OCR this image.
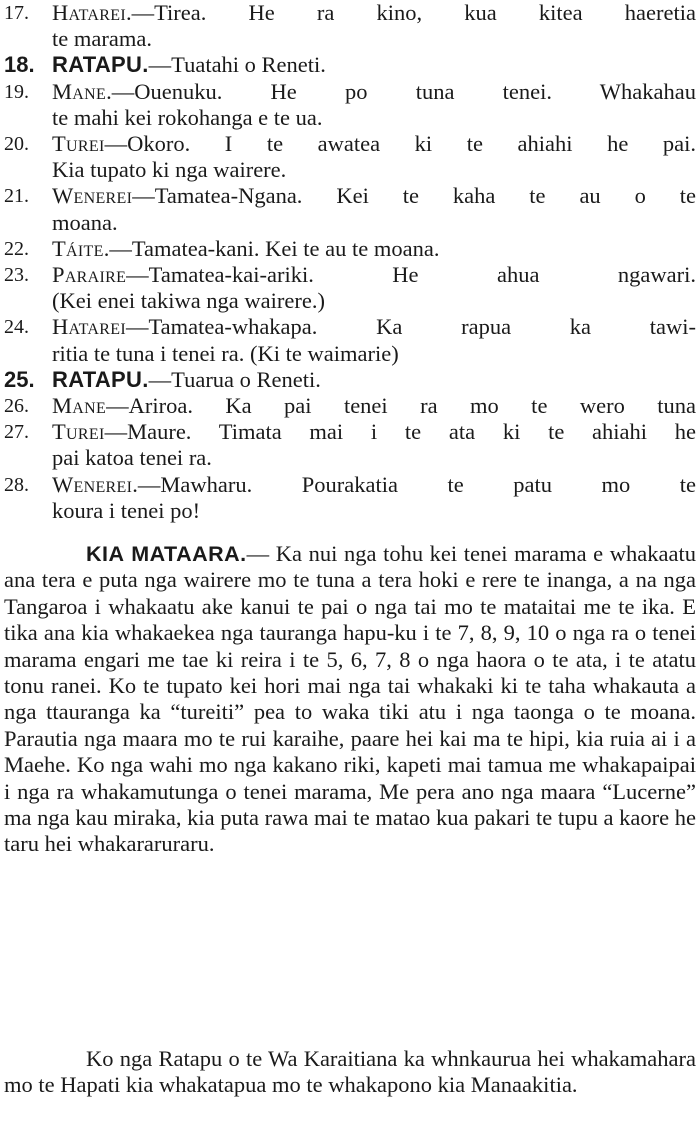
17. Hatarei.—Tirea. He ra kino, kua kitea haeretia
te marama.
18. RATAPU.—Tuatahi o Reneti.
19. Mane.—Ouenuku. He po tuna tenei. Whakahau
te mahi kei rokohanga e te ua.
20. Turei—Okoro. I te awatea ki te ahiahi he pai.
Kia tupato ki nga wairere.
21. Wenerei—Tamatea-Ngana. Kei te kaha te au o te
moana.
22. Táite.—Tamatea-kani. Kei te au te moana.
23. Paraire—Tamatea-kai-ariki. He ahua ngawari.
(Kei enei takiwa nga wairere.)
24. Hatarei—Tamatea-whakapa. Ka rapua ka tawi-
ritia te tuna i tenei ra. (Ki te waimarie)
25. RATAPU.—Tuarua o Reneti.
26. Mane—Ariroa. Ka pai tenei ra mo te wero tuna
27. Turei—Maure. Timata mai i te ata ki te ahiahi he
pai katoa tenei ra.
28. Wenerei.—Mawharu. Pourakatia te patu mo te
koura i tenei po!

KIA MATAARA.— Ka nui nga tohu kei tenei marama e whakaatu ana tera e puta nga wairere mo te tuna a tera hoki e rere te inanga, a na nga Tangaroa i whakaatu ake kanui te pai o nga tai mo te mataitai me te ika. E tika ana kia whakaekea nga tauranga hapu-ku i te 7, 8, 9, 10 o nga ra o tenei marama engari me tae ki reira i te 5, 6, 7, 8 o nga haora o te ata, i te atatu tonu ranei. Ko te tupato kei hori mai nga tai whakaki ki te taha whakauta a nga ttauranga ka “tureiti” pea to waka tiki atu i nga taonga o te moana. Parautia nga maara mo te rui karaihe, paare hei kai ma te hipi, kia ruia ai i a Maehe. Ko nga wahi mo nga kakano riki, kapeti mai tamua me whakapaipai i nga ra whakamutunga o tenei marama, Me pera ano nga maara “Lucerne” ma nga kau miraka, kia puta rawa mai te matao kua pakari te tupu a kaore he taru hei whakararuraru.

Ko nga Ratapu o te Wa Karaitiana ka whnkaurua hei whakamahara mo te Hapati kia whakatapua mo te whakapono kia Manaakitia.
